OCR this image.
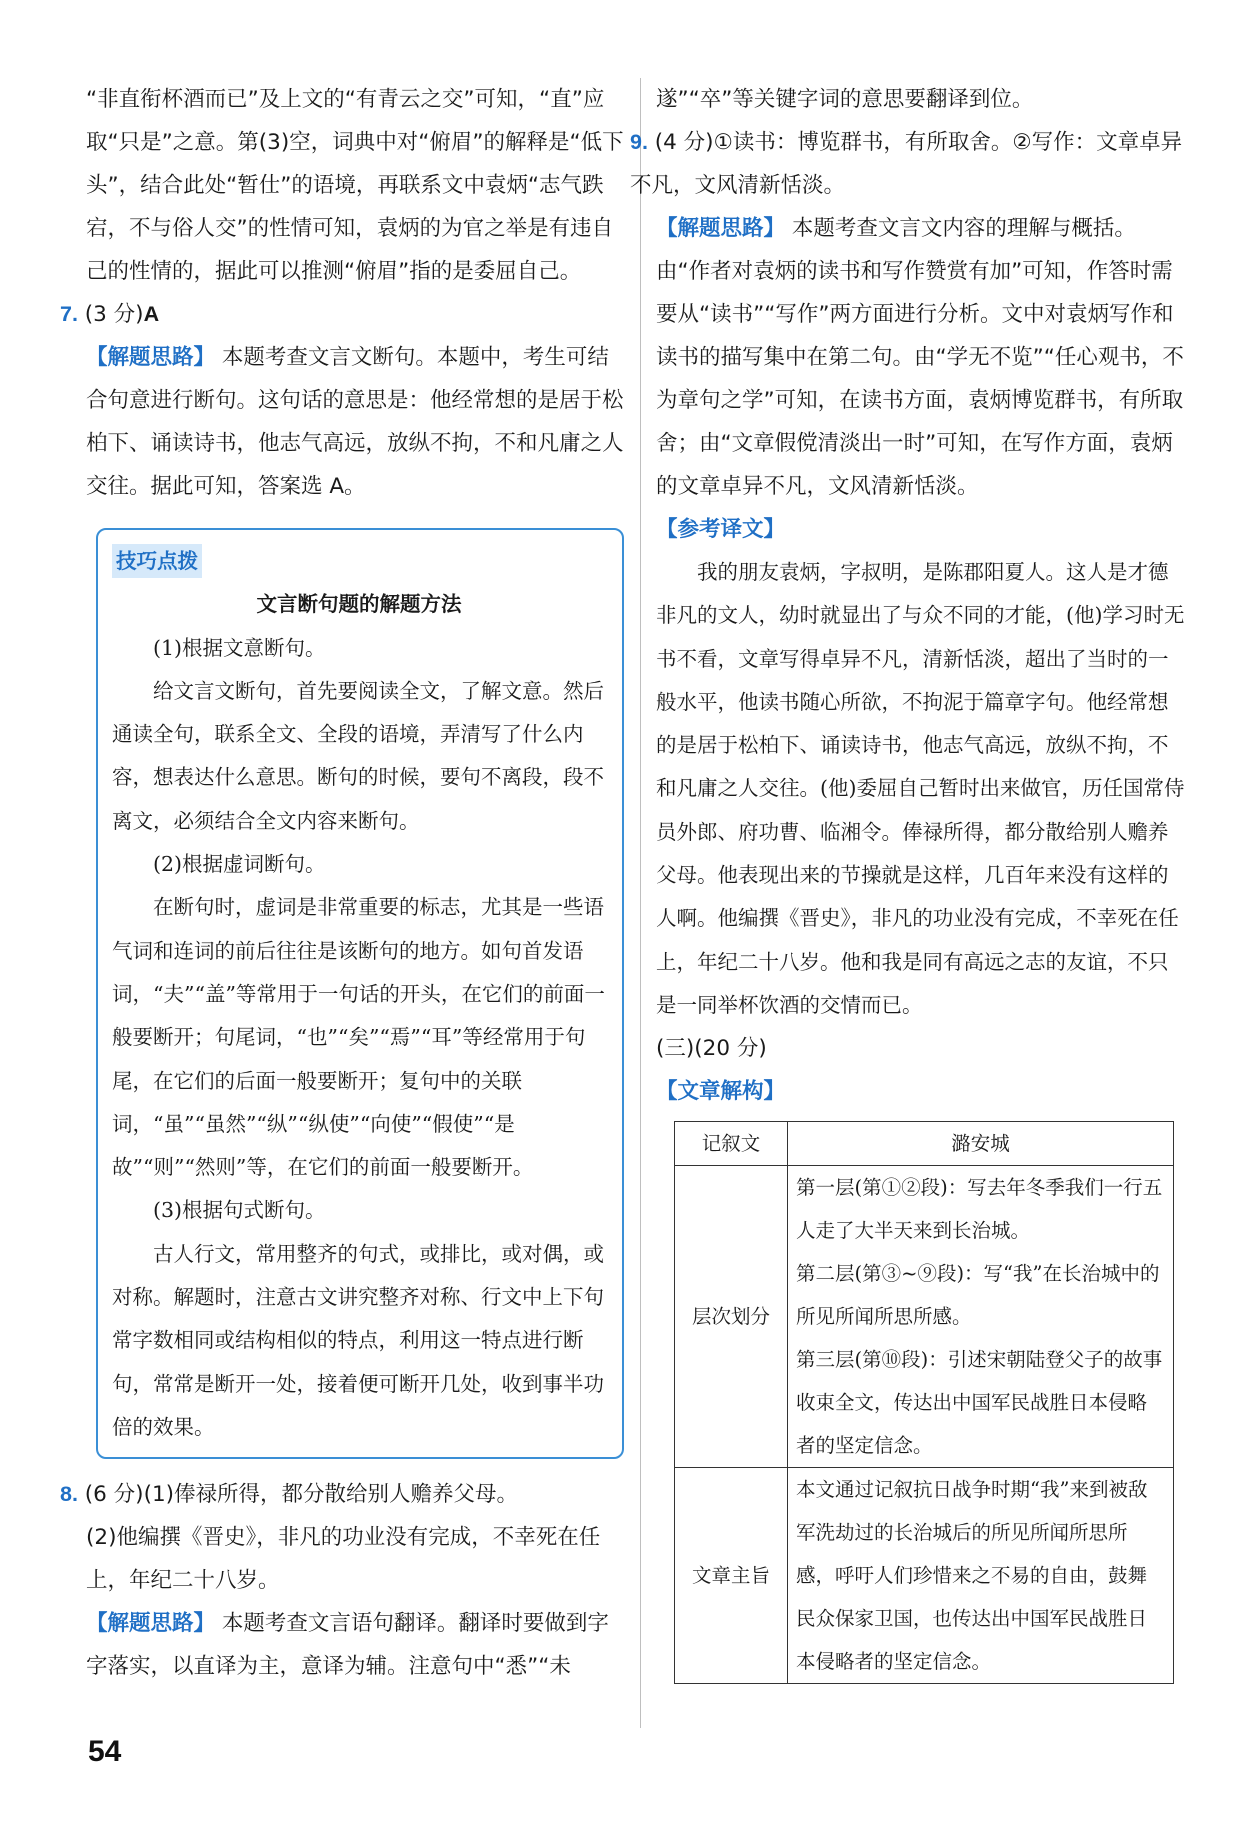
“非直衔杯酒而已”及上文的“有青云之交”可知，“直”应取“只是”之意。第(3)空，词典中对“俯眉”的解释是“低下头”，结合此处“暂仕”的语境，再联系文中袁炳“志气跌宕，不与俗人交”的性情可知，袁炳的为官之举是有违自己的性情的，据此可以推测“俯眉”指的是委屈自己。

7. (3 分)A

【解题思路】 本题考查文言文断句。本题中，考生可结合句意进行断句。这句话的意思是：他经常想的是居于松柏下、诵读诗书，他志气高远，放纵不拘，不和凡庸之人交往。据此可知，答案选 A。

技巧点拨

文言断句题的解题方法

(1)根据文意断句。

给文言文断句，首先要阅读全文，了解文意。然后通读全句，联系全文、全段的语境，弄清写了什么内容，想表达什么意思。断句的时候，要句不离段，段不离文，必须结合全文内容来断句。

(2)根据虚词断句。

在断句时，虚词是非常重要的标志，尤其是一些语气词和连词的前后往往是该断句的地方。如句首发语词，“夫”“盖”等常用于一句话的开头，在它们的前面一般要断开；句尾词，“也”“矣”“焉”“耳”等经常用于句尾，在它们的后面一般要断开；复句中的关联词，“虽”“虽然”“纵”“纵使”“向使”“假使”“是故”“则”“然则”等，在它们的前面一般要断开。

(3)根据句式断句。

古人行文，常用整齐的句式，或排比，或对偶，或对称。解题时，注意古文讲究整齐对称、行文中上下句常字数相同或结构相似的特点，利用这一特点进行断句，常常是断开一处，接着便可断开几处，收到事半功倍的效果。

8. (6 分)(1)俸禄所得，都分散给别人赡养父母。

(2)他编撰《晋史》，非凡的功业没有完成，不幸死在任上，年纪二十八岁。

【解题思路】 本题考查文言语句翻译。翻译时要做到字字落实，以直译为主，意译为辅。注意句中“悉”“未

遂”“卒”等关键字词的意思要翻译到位。

9. (4 分)①读书：博览群书，有所取舍。②写作：文章卓异不凡，文风清新恬淡。

【解题思路】 本题考查文言文内容的理解与概括。由“作者对袁炳的读书和写作赞赏有加”可知，作答时需要从“读书”“写作”两方面进行分析。文中对袁炳写作和读书的描写集中在第二句。由“学无不览”“任心观书，不为章句之学”可知，在读书方面，袁炳博览群书，有所取舍；由“文章假傥清淡出一时”可知，在写作方面，袁炳的文章卓异不凡，文风清新恬淡。

【参考译文】

我的朋友袁炳，字叔明，是陈郡阳夏人。这人是才德非凡的文人，幼时就显出了与众不同的才能，(他)学习时无书不看，文章写得卓异不凡，清新恬淡，超出了当时的一般水平，他读书随心所欲，不拘泥于篇章字句。他经常想的是居于松柏下、诵读诗书，他志气高远，放纵不拘，不和凡庸之人交往。(他)委屈自己暂时出来做官，历任国常侍员外郎、府功曹、临湘令。俸禄所得，都分散给别人赡养父母。他表现出来的节操就是这样，几百年来没有这样的人啊。他编撰《晋史》，非凡的功业没有完成，不幸死在任上，年纪二十八岁。他和我是同有高远之志的友谊，不只是一同举杯饮酒的交情而已。

(三)(20 分)

【文章解构】

记叙文	潞安城
层次划分	第一层(第①②段)：写去年冬季我们一行五人走了大半天来到长治城。

第二层(第③~⑨段)：写“我”在长治城中的所见所闻所思所感。

第三层(第⑩段)：引述宋朝陆登父子的故事收束全文，传达出中国军民战胜日本侵略者的坚定信念。

文章主旨	本文通过记叙抗日战争时期“我”来到被敌军洗劫过的长治城后的所见所闻所思所感，呼吁人们珍惜来之不易的自由，鼓舞民众保家卫国，也传达出中国军民战胜日本侵略者的坚定信念。
54
